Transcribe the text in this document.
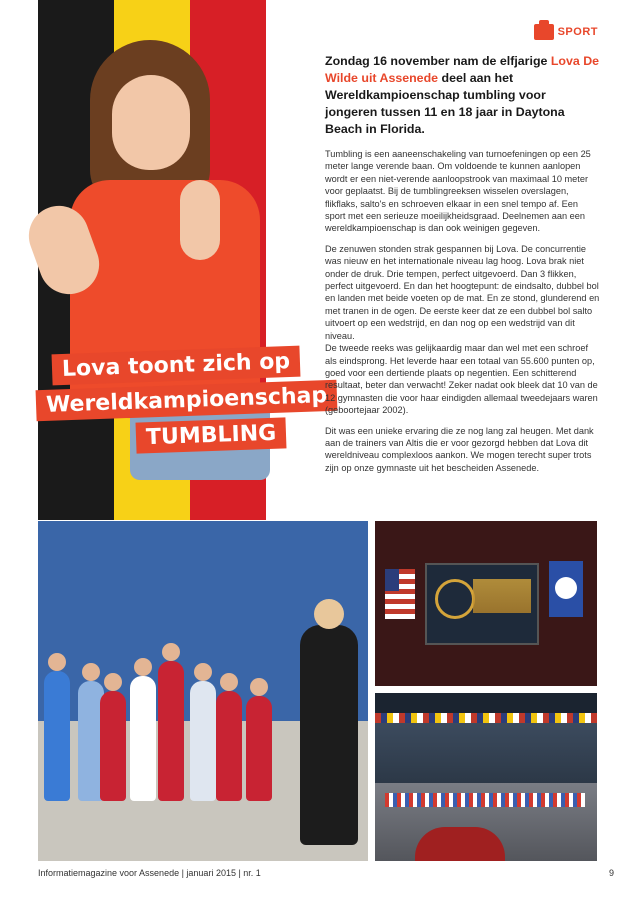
Lova toont zich op
Wereldkampioenschap
TUMBLING
SPORT

Zondag 16 november nam de elfjarige Lova De Wilde uit Assenede deel aan het Wereldkampioenschap tumbling voor jongeren tussen 11 en 18 jaar in Daytona Beach in Florida.

Tumbling is een aaneenschakeling van turnoefeningen op een 25 meter lange verende baan. Om voldoende te kunnen aanlopen wordt er een niet-verende aanloopstrook van maximaal 10 meter voor geplaatst. Bij de tumblingreeksen wisselen overslagen, flikflaks, salto's en schroeven elkaar in een snel tempo af. Een sport met een serieuze moeilijkheidsgraad. Deelnemen aan een wereldkampioenschap is dan ook weinigen gegeven.

De zenuwen stonden strak gespannen bij Lova. De concurrentie was nieuw en het internationale niveau lag hoog. Lova brak niet onder de druk. Drie tempen, perfect uitgevoerd. Dan 3 flikken, perfect uitgevoerd. En dan het hoogtepunt: de eindsalto, dubbel bol en landen met beide voeten op de mat. En ze stond, glunderend en met tranen in de ogen. De eerste keer dat ze een dubbel bol salto uitvoert op een wedstrijd, en dan nog op een wedstrijd van dit niveau.

De tweede reeks was gelijkaardig maar dan wel met een schroef als eindsprong. Het leverde haar een totaal van 55.600 punten op, goed voor een dertiende plaats op negentien. Een schitterend resultaat, beter dan verwacht! Zeker nadat ook bleek dat 10 van de 12 gymnasten die voor haar eindigden allemaal tweedejaars waren (geboortejaar 2002).

Dit was een unieke ervaring die ze nog lang zal heugen. Met dank aan de trainers van Altis die er voor gezorgd hebben dat Lova dit wereldniveau complexloos aankon. We mogen terecht super trots zijn op onze gymnaste uit het bescheiden Assenede.

Informatiemagazine voor Assenede | januari 2015 | nr. 1	9
